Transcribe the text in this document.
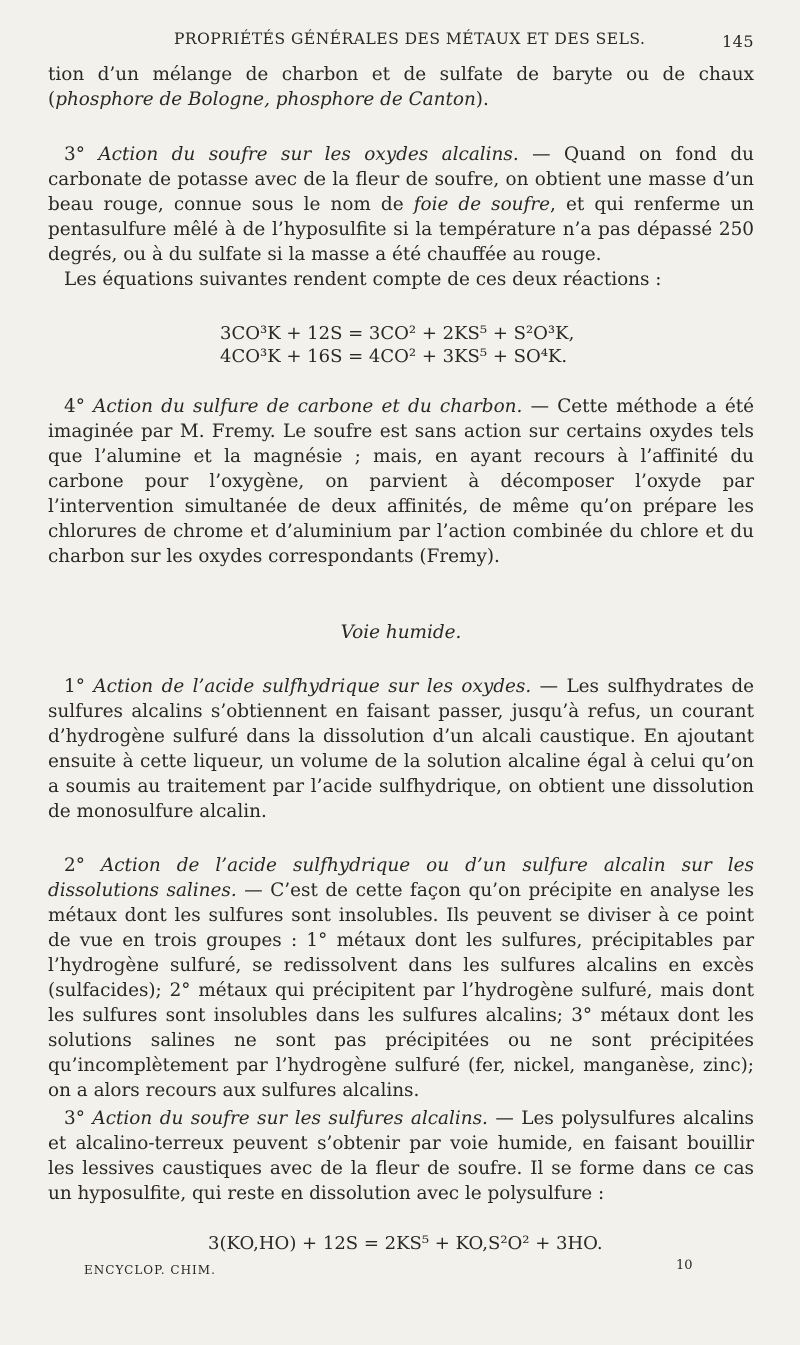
PROPRIÉTÉS GÉNÉRALES DES MÉTAUX ET DES SELS.	145
tion d’un mélange de charbon et de sulfate de baryte ou de chaux (phosphore de Bologne, phosphore de Canton).
3° Action du soufre sur les oxydes alcalins. — Quand on fond du carbonate de potasse avec de la fleur de soufre, on obtient une masse d’un beau rouge, connue sous le nom de foie de soufre, et qui renferme un pentasulfure mêlé à de l’hyposulfite si la température n’a pas dépassé 250 degrés, ou à du sulfate si la masse a été chauffée au rouge.
Les équations suivantes rendent compte de ces deux réactions :
3CO³K + 12S = 3CO² + 2KS⁵ + S²O³K,
4CO³K + 16S = 4CO² + 3KS⁵ + SO⁴K.
4° Action du sulfure de carbone et du charbon. — Cette méthode a été imaginée par M. Fremy. Le soufre est sans action sur certains oxydes tels que l’alumine et la magnésie ; mais, en ayant recours à l’affinité du carbone pour l’oxygène, on parvient à décomposer l’oxyde par l’intervention simultanée de deux affinités, de même qu’on prépare les chlorures de chrome et d’aluminium par l’action combinée du chlore et du charbon sur les oxydes correspondants (Fremy).
Voie humide.
1° Action de l’acide sulfhydrique sur les oxydes. — Les sulfhydrates de sulfures alcalins s’obtiennent en faisant passer, jusqu’à refus, un courant d’hydrogène sulfuré dans la dissolution d’un alcali caustique. En ajoutant ensuite à cette liqueur, un volume de la solution alcaline égal à celui qu’on a soumis au traitement par l’acide sulfhydrique, on obtient une dissolution de monosulfure alcalin.
2° Action de l’acide sulfhydrique ou d’un sulfure alcalin sur les dissolutions salines. — C’est de cette façon qu’on précipite en analyse les métaux dont les sulfures sont insolubles. Ils peuvent se diviser à ce point de vue en trois groupes : 1° métaux dont les sulfures, précipitables par l’hydrogène sulfuré, se redissolvent dans les sulfures alcalins en excès (sulfacides); 2° métaux qui précipitent par l’hydrogène sulfuré, mais dont les sulfures sont insolubles dans les sulfures alcalins; 3° métaux dont les solutions salines ne sont pas précipitées ou ne sont précipitées qu’incomplètement par l’hydrogène sulfuré (fer, nickel, manganèse, zinc); on a alors recours aux sulfures alcalins.
3° Action du soufre sur les sulfures alcalins. — Les polysulfures alcalins et alcalino-terreux peuvent s’obtenir par voie humide, en faisant bouillir les lessives caustiques avec de la fleur de soufre. Il se forme dans ce cas un hyposulfite, qui reste en dissolution avec le polysulfure :
3(KO,HO) + 12S = 2KS⁵ + KO,S²O² + 3HO.
ENCYCLOP. CHIM.	10
